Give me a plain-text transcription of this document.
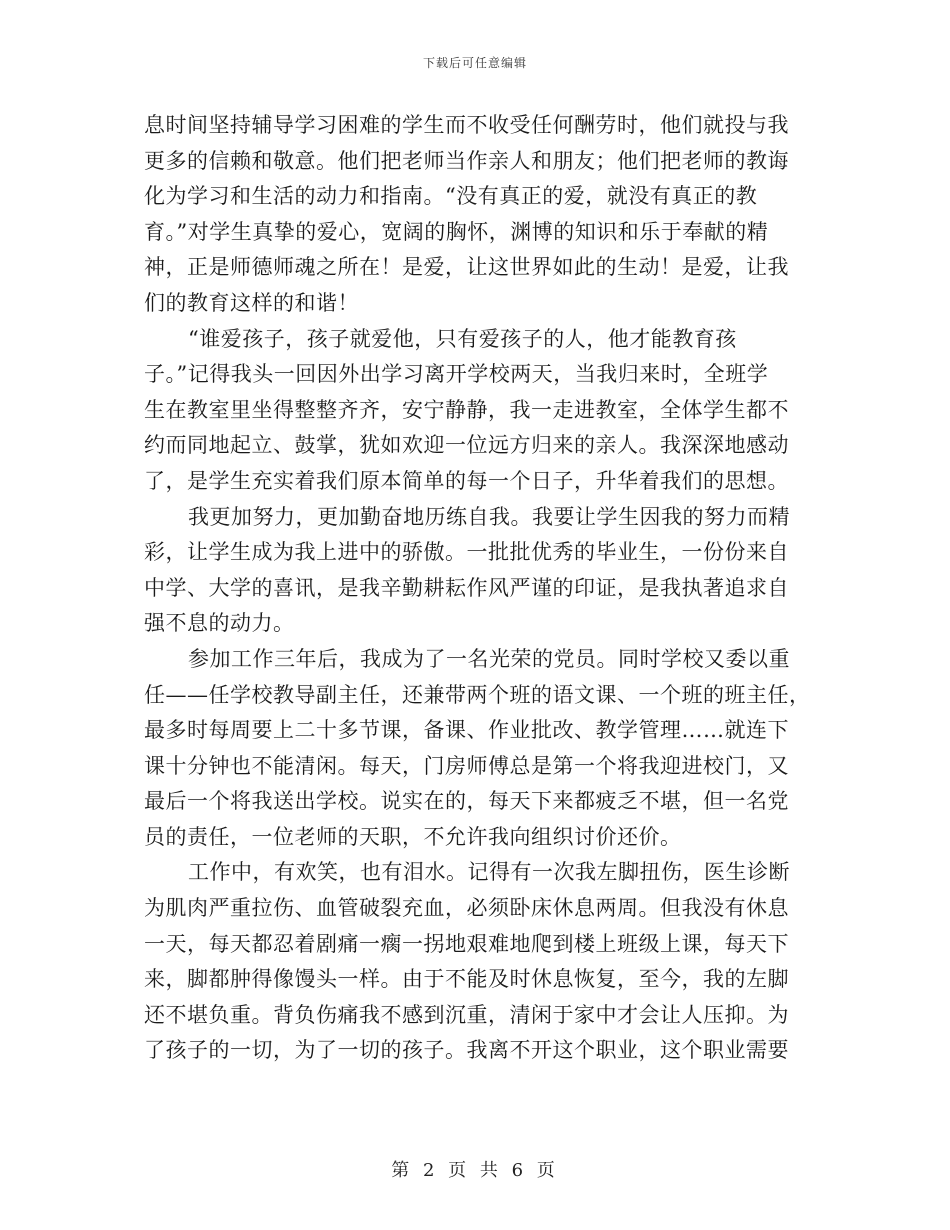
下载后可任意编辑
息时间坚持辅导学习困难的学生而不收受任何酬劳时，他们就投与我
更多的信赖和敬意。他们把老师当作亲人和朋友；他们把老师的教诲
化为学习和生活的动力和指南。“没有真正的爱，就没有真正的教
育。”对学生真挚的爱心，宽阔的胸怀，渊博的知识和乐于奉献的精
神，正是师德师魂之所在！是爱，让这世界如此的生动！是爱，让我
们的教育这样的和谐！
“谁爱孩子，孩子就爱他，只有爱孩子的人，他才能教育孩
子。”记得我头一回因外出学习离开学校两天，当我归来时，全班学
生在教室里坐得整整齐齐，安宁静静，我一走进教室，全体学生都不
约而同地起立、鼓掌，犹如欢迎一位远方归来的亲人。我深深地感动
了，是学生充实着我们原本简单的每一个日子，升华着我们的思想。
我更加努力，更加勤奋地历练自我。我要让学生因我的努力而精
彩，让学生成为我上进中的骄傲。一批批优秀的毕业生，一份份来自
中学、大学的喜讯，是我辛勤耕耘作风严谨的印证，是我执著追求自
强不息的动力。
参加工作三年后，我成为了一名光荣的党员。同时学校又委以重
任——任学校教导副主任，还兼带两个班的语文课、一个班的班主任，
最多时每周要上二十多节课，备课、作业批改、教学管理……就连下
课十分钟也不能清闲。每天，门房师傅总是第一个将我迎进校门，又
最后一个将我送出学校。说实在的，每天下来都疲乏不堪，但一名党
员的责任，一位老师的天职，不允许我向组织讨价还价。
工作中，有欢笑，也有泪水。记得有一次我左脚扭伤，医生诊断
为肌肉严重拉伤、血管破裂充血，必须卧床休息两周。但我没有休息
一天，每天都忍着剧痛一瘸一拐地艰难地爬到楼上班级上课，每天下
来，脚都肿得像馒头一样。由于不能及时休息恢复，至今，我的左脚
还不堪负重。背负伤痛我不感到沉重，清闲于家中才会让人压抑。为
了孩子的一切，为了一切的孩子。我离不开这个职业，这个职业需要
第 2 页 共 6 页
